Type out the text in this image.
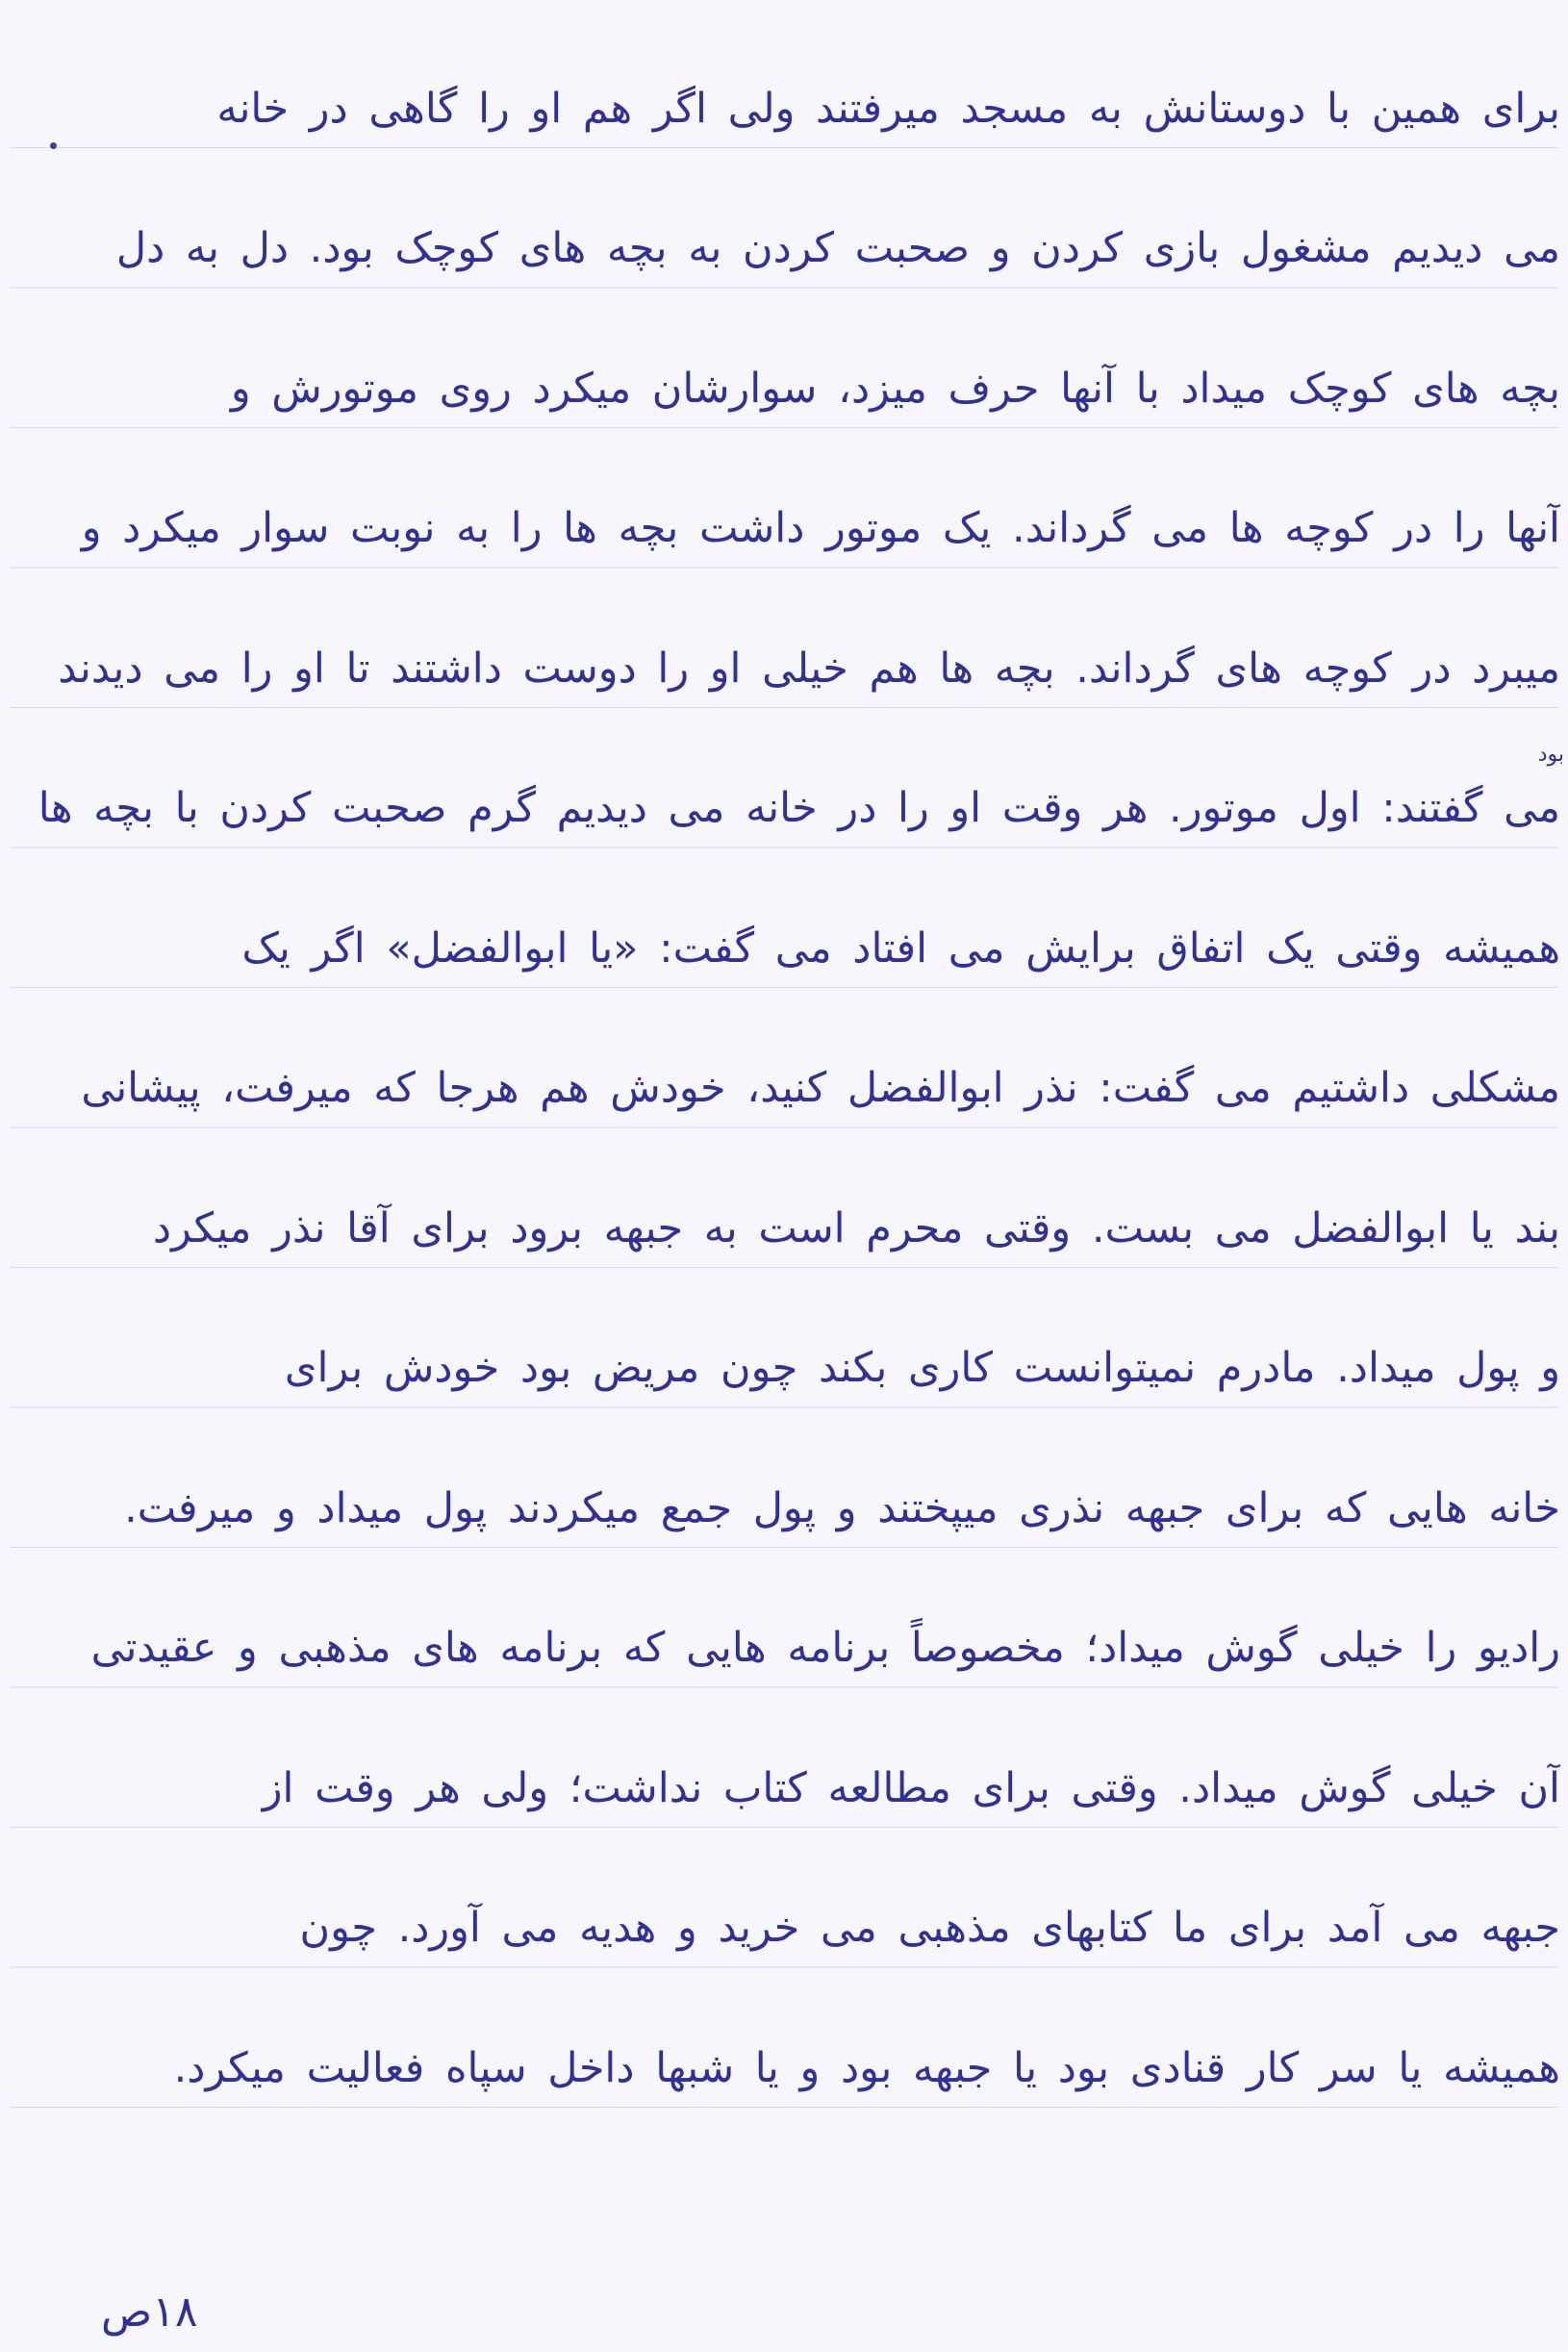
برای همین با دوستانش به مسجد میرفتند ولی اگر هم او را گاهی در خانه
می دیدیم مشغول بازی کردن و صحبت کردن به بچه های کوچک بود. دل به دل
بچه های کوچک میداد با آنها حرف میزد، سوارشان میکرد روی موتورش و
آنها را در کوچه ها می گرداند. یک موتور داشت بچه ها را به نوبت سوار میکرد و
میبرد در کوچه های گرداند. بچه ها هم خیلی او را دوست داشتند تا او را می دیدند
می گفتند: اول موتور. هر وقت او را در خانه می دیدیم گرم صحبت کردن با بچه ها
همیشه وقتی یک اتفاق برایش می افتاد می گفت: «یا ابوالفضل» اگر یک
مشکلی داشتیم می گفت: نذر ابوالفضل کنید، خودش هم هرجا که میرفت، پیشانی
بند یا ابوالفضل می بست. وقتی محرم است به جبهه برود برای آقا نذر میکرد
و پول میداد. مادرم نمیتوانست کاری بکند چون مریض بود خودش برای
خانه هایی که برای جبهه نذری میپختند و پول جمع میکردند پول میداد و میرفت.
رادیو را خیلی گوش میداد؛ مخصوصاً برنامه هایی که برنامه های مذهبی و عقیدتی
آن خیلی گوش میداد. وقتی برای مطالعه کتاب نداشت؛ ولی هر وقت از
جبهه می آمد برای ما کتابهای مذهبی می خرید و هدیه می آورد. چون
همیشه یا سر کار قنادی بود یا جبهه بود و یا شبها داخل سپاه فعالیت میکرد.
بود
۱۸ص
